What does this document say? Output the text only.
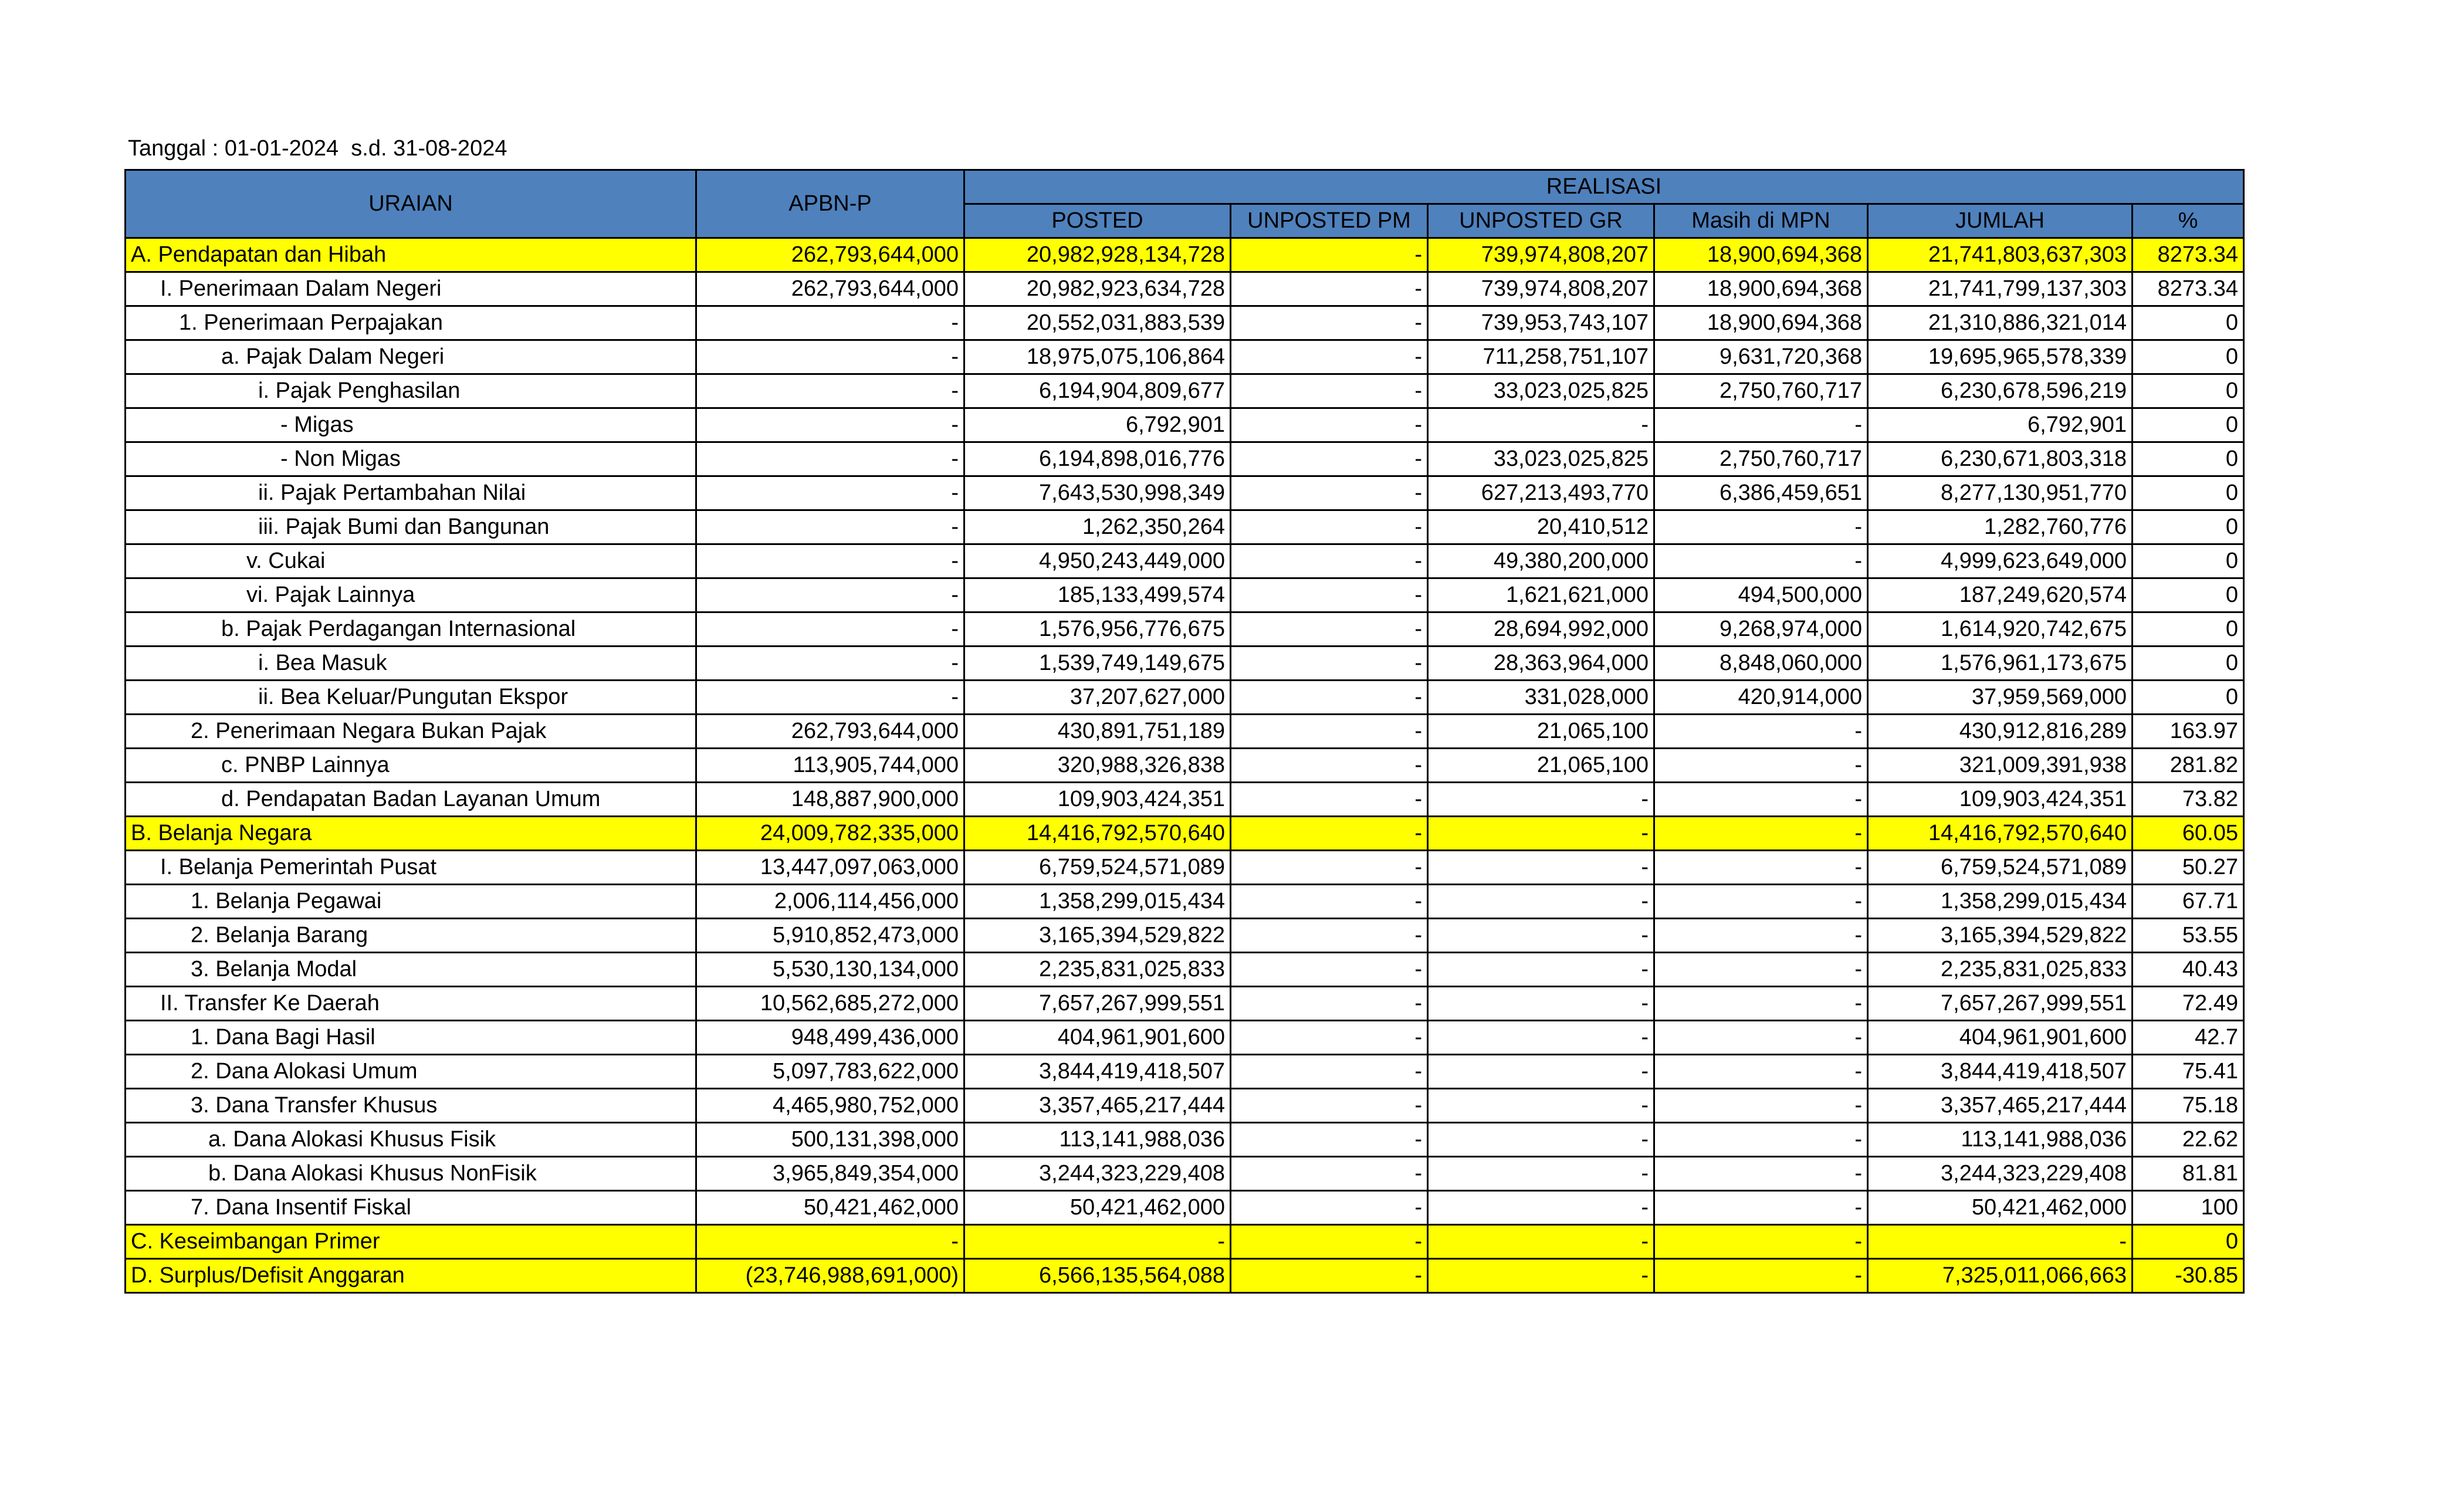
Tanggal : 01-01-2024  s.d. 31-08-2024
URAIAN	APBN-P	REALISASI					
		POSTED	UNPOSTED PM	UNPOSTED GR	Masih di MPN	JUMLAH	%
A. Pendapatan dan Hibah	262,793,644,000	20,982,928,134,728	-	739,974,808,207	18,900,694,368	21,741,803,637,303	8273.34
I. Penerimaan Dalam Negeri	262,793,644,000	20,982,923,634,728	-	739,974,808,207	18,900,694,368	21,741,799,137,303	8273.34
1. Penerimaan Perpajakan	-	20,552,031,883,539	-	739,953,743,107	18,900,694,368	21,310,886,321,014	0
a. Pajak Dalam Negeri	-	18,975,075,106,864	-	711,258,751,107	9,631,720,368	19,695,965,578,339	0
i. Pajak Penghasilan	-	6,194,904,809,677	-	33,023,025,825	2,750,760,717	6,230,678,596,219	0
- Migas	-	6,792,901	-	-	-	6,792,901	0
- Non Migas	-	6,194,898,016,776	-	33,023,025,825	2,750,760,717	6,230,671,803,318	0
ii. Pajak Pertambahan Nilai	-	7,643,530,998,349	-	627,213,493,770	6,386,459,651	8,277,130,951,770	0
iii. Pajak Bumi dan Bangunan	-	1,262,350,264	-	20,410,512	-	1,282,760,776	0
v. Cukai	-	4,950,243,449,000	-	49,380,200,000	-	4,999,623,649,000	0
vi. Pajak Lainnya	-	185,133,499,574	-	1,621,621,000	494,500,000	187,249,620,574	0
b. Pajak Perdagangan Internasional	-	1,576,956,776,675	-	28,694,992,000	9,268,974,000	1,614,920,742,675	0
i. Bea Masuk	-	1,539,749,149,675	-	28,363,964,000	8,848,060,000	1,576,961,173,675	0
ii. Bea Keluar/Pungutan Ekspor	-	37,207,627,000	-	331,028,000	420,914,000	37,959,569,000	0
2. Penerimaan Negara Bukan Pajak	262,793,644,000	430,891,751,189	-	21,065,100	-	430,912,816,289	163.97
c. PNBP Lainnya	113,905,744,000	320,988,326,838	-	21,065,100	-	321,009,391,938	281.82
d. Pendapatan Badan Layanan Umum	148,887,900,000	109,903,424,351	-	-	-	109,903,424,351	73.82
B. Belanja Negara	24,009,782,335,000	14,416,792,570,640	-	-	-	14,416,792,570,640	60.05
I. Belanja Pemerintah Pusat	13,447,097,063,000	6,759,524,571,089	-	-	-	6,759,524,571,089	50.27
1. Belanja Pegawai	2,006,114,456,000	1,358,299,015,434	-	-	-	1,358,299,015,434	67.71
2. Belanja Barang	5,910,852,473,000	3,165,394,529,822	-	-	-	3,165,394,529,822	53.55
3. Belanja Modal	5,530,130,134,000	2,235,831,025,833	-	-	-	2,235,831,025,833	40.43
II. Transfer Ke Daerah	10,562,685,272,000	7,657,267,999,551	-	-	-	7,657,267,999,551	72.49
1. Dana Bagi Hasil	948,499,436,000	404,961,901,600	-	-	-	404,961,901,600	42.7
2. Dana Alokasi Umum	5,097,783,622,000	3,844,419,418,507	-	-	-	3,844,419,418,507	75.41
3. Dana Transfer Khusus	4,465,980,752,000	3,357,465,217,444	-	-	-	3,357,465,217,444	75.18
a. Dana Alokasi Khusus Fisik	500,131,398,000	113,141,988,036	-	-	-	113,141,988,036	22.62
b. Dana Alokasi Khusus NonFisik	3,965,849,354,000	3,244,323,229,408	-	-	-	3,244,323,229,408	81.81
7. Dana Insentif Fiskal	50,421,462,000	50,421,462,000	-	-	-	50,421,462,000	100
C. Keseimbangan Primer	-	-	-	-	-	-	0
D. Surplus/Defisit Anggaran	(23,746,988,691,000)	6,566,135,564,088	-	-	-	7,325,011,066,663	-30.85
